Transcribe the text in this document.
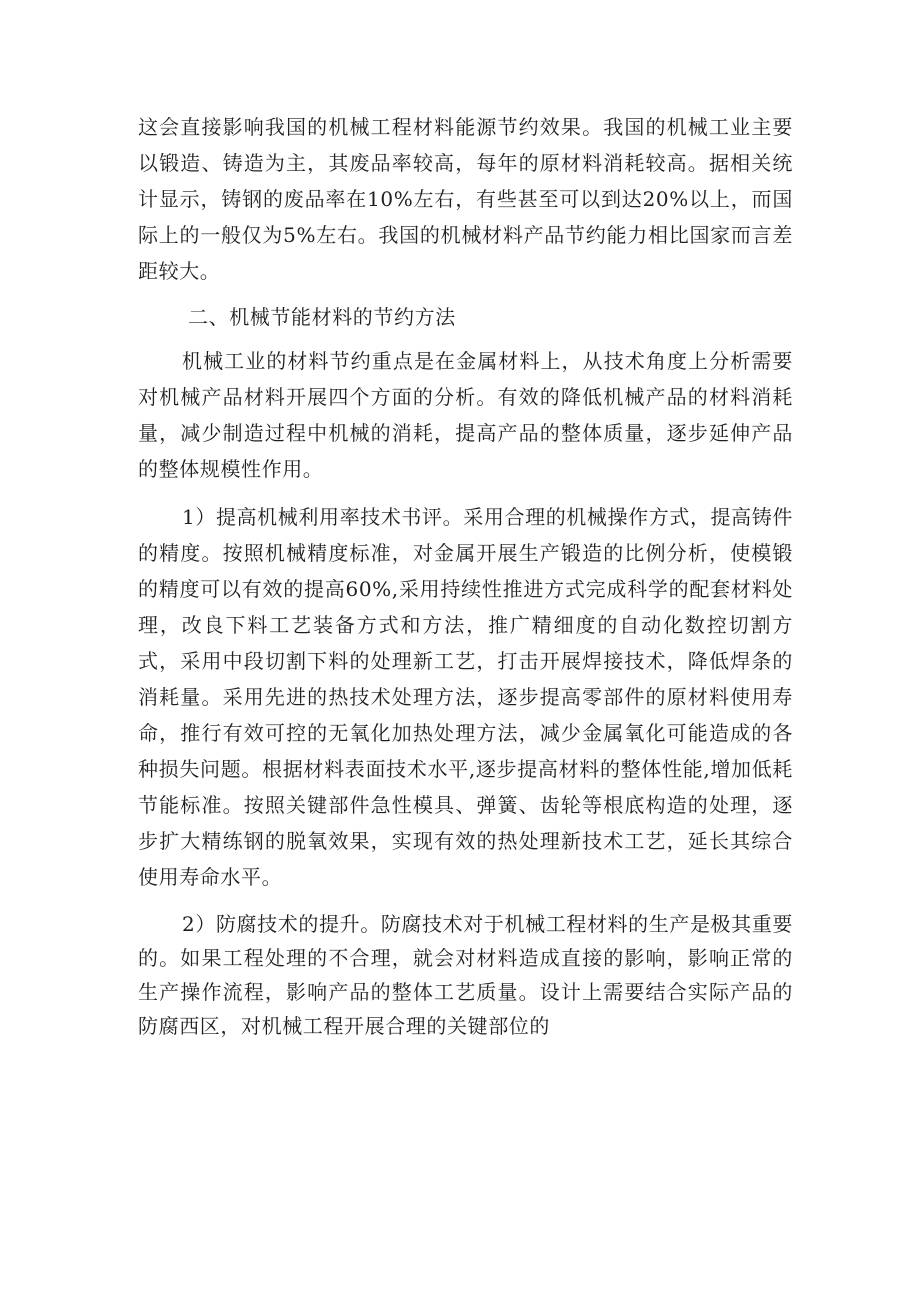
这会直接影响我国的机械工程材料能源节约效果。我国的机械工业主要以锻造、铸造为主，其废品率较高，每年的原材料消耗较高。据相关统计显示，铸钢的废品率在10%左右，有些甚至可以到达20%以上，而国际上的一般仅为5%左右。我国的机械材料产品节约能力相比国家而言差距较大。

二、机械节能材料的节约方法

机械工业的材料节约重点是在金属材料上，从技术角度上分析需要对机械产品材料开展四个方面的分析。有效的降低机械产品的材料消耗量，减少制造过程中机械的消耗，提高产品的整体质量，逐步延伸产品的整体规模性作用。

1）提高机械利用率技术书评。采用合理的机械操作方式，提高铸件的精度。按照机械精度标准，对金属开展生产锻造的比例分析，使模锻的精度可以有效的提高60%,采用持续性推进方式完成科学的配套材料处理，改良下料工艺装备方式和方法，推广精细度的自动化数控切割方式，采用中段切割下料的处理新工艺，打击开展焊接技术，降低焊条的消耗量。采用先进的热技术处理方法，逐步提高零部件的原材料使用寿命，推行有效可控的无氧化加热处理方法，减少金属氧化可能造成的各种损失问题。根据材料表面技术水平,逐步提高材料的整体性能,增加低耗节能标准。按照关键部件急性模具、弹簧、齿轮等根底构造的处理，逐步扩大精练钢的脱氧效果，实现有效的热处理新技术工艺，延长其综合使用寿命水平。

2）防腐技术的提升。防腐技术对于机械工程材料的生产是极其重要的。如果工程处理的不合理，就会对材料造成直接的影响，影响正常的生产操作流程，影响产品的整体工艺质量。设计上需要结合实际产品的防腐西区，对机械工程开展合理的关键部位的
